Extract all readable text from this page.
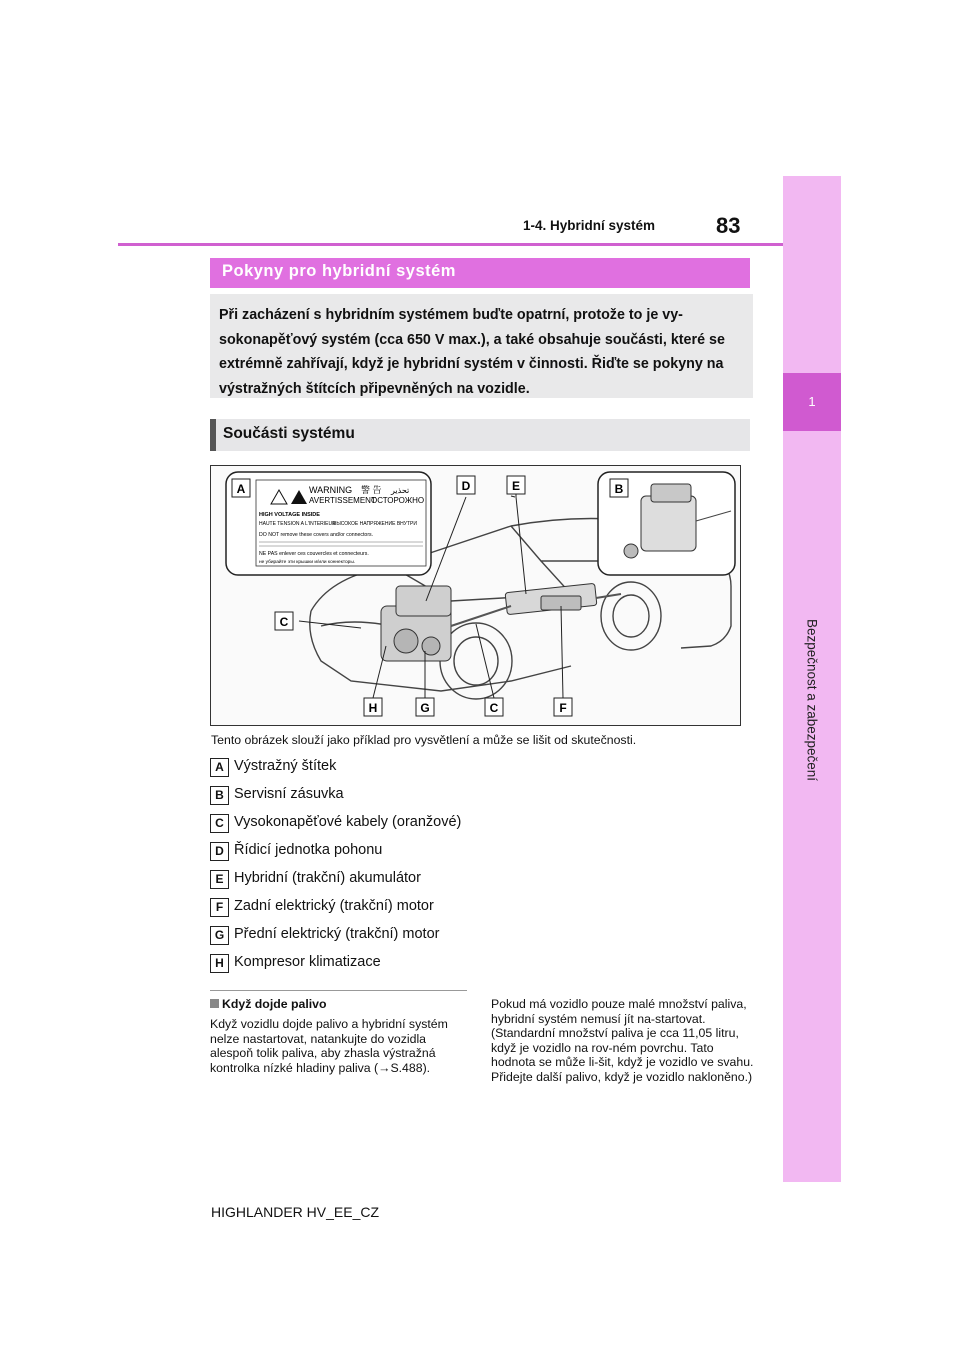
1
Bezpečnost a zabezpečení
1-4. Hybridní systém	83
Pokyny pro hybridní systém

Při zacházení s hybridním systémem buďte opatrní, protože to je vy-sokonapěťový systém (cca 650 V max.), a také obsahuje součásti, které se extrémně zahřívají, když je hybridní systém v činnosti. Řiďte se pokyny na výstražných štítcích připevněných na vozidle.

Součásti systému
WARNING 警 告 تحذير
AVERTISSEMENT
ОСТОРОЖНО
HIGH VOLTAGE INSIDE
HAUTE TENSION A L'INTERIEUR
ВЫСОКОЕ НАПРЯЖЕНИЕ ВНУТРИ
DO NOT remove these covers and/or connectors.
NE PAS enlever ces couvercles et connecteurs.
не убирайте эти крышки и/или коннекторы.
A	B
C
C
D	E
F
G
H
Tento obrázek slouží jako příklad pro vysvětlení a může se lišit od skutečnosti.
A Výstražný štítek
B Servisní zásuvka
C Vysokonapěťové kabely (oranžové)
D Řídicí jednotka pohonu
E Hybridní (trakční) akumulátor
F Zadní elektrický (trakční) motor
G Přední elektrický (trakční) motor
H Kompresor klimatizace
Když dojde palivo
Když vozidlu dojde palivo a hybridní systém nelze nastartovat, natankujte do vozidla alespoň tolik paliva, aby zhasla výstražná kontrolka nízké hladiny paliva (→S.488).
Pokud má vozidlo pouze malé množství paliva, hybridní systém nemusí jít na-startovat. (Standardní množství paliva je cca 11,05 litru, když je vozidlo na rov-ném povrchu. Tato hodnota se může li-šit, když je vozidlo ve svahu. Přidejte další palivo, když je vozidlo nakloněno.)
HIGHLANDER HV_EE_CZ
